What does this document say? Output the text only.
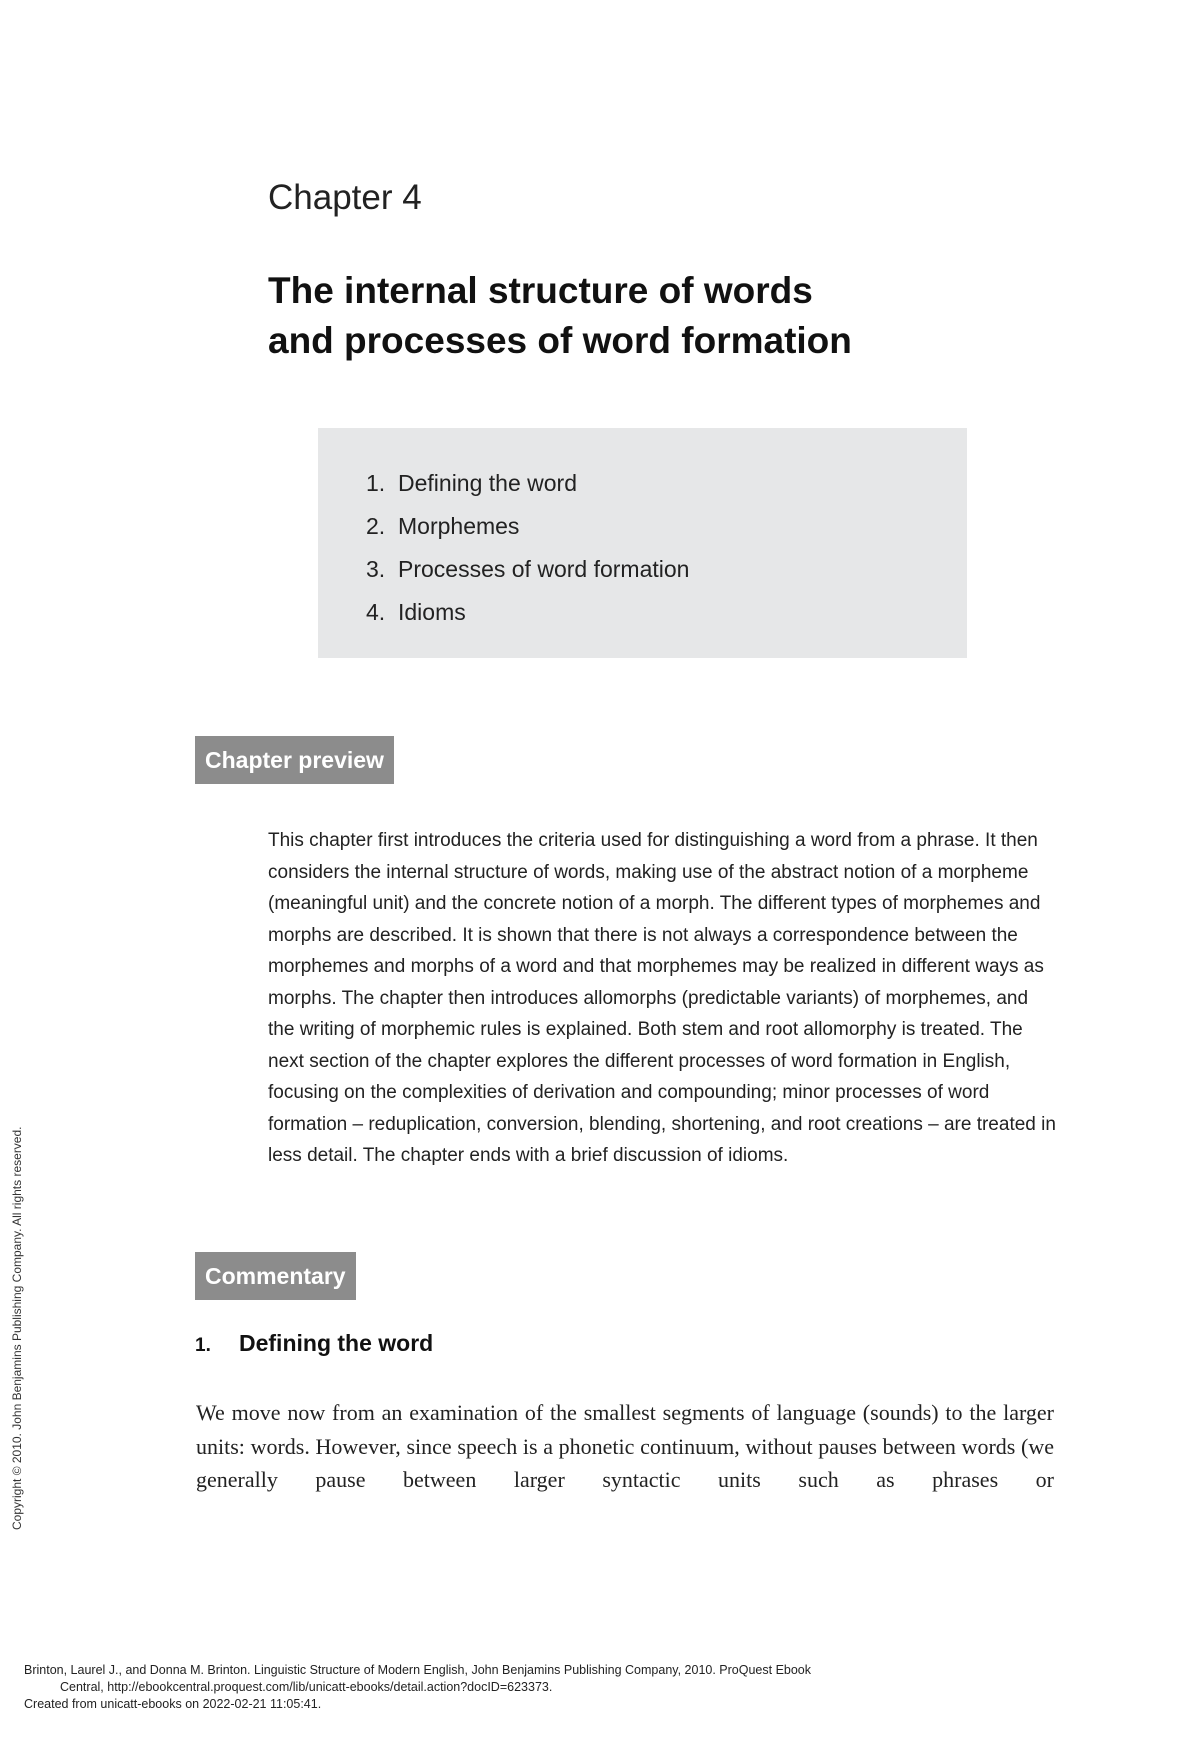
Chapter 4
The internal structure of words
and processes of word formation
1. Defining the word
2. Morphemes
3. Processes of word formation
4. Idioms
Chapter preview

This chapter first introduces the criteria used for distinguishing a word from a phrase. It then considers the internal structure of words, making use of the abstract notion of a morpheme (meaningful unit) and the concrete notion of a morph. The different types of morphemes and morphs are described. It is shown that there is not always a correspondence between the morphemes and morphs of a word and that morphemes may be realized in different ways as morphs. The chapter then introduces allomorphs (predictable variants) of morphemes, and the writing of morphemic rules is explained. Both stem and root allomorphy is treated. The next section of the chapter explores the different processes of word formation in English, focusing on the complexities of derivation and compounding; minor processes of word formation – reduplication, conversion, blending, shortening, and root creations – are treated in less detail. The chapter ends with a brief discussion of idioms.

Commentary
1. Defining the word

We move now from an examination of the smallest segments of language (sounds) to the larger units: words. However, since speech is a phonetic continuum, without pauses between words (we generally pause between larger syntactic units such as phrases or

Copyright © 2010. John Benjamins Publishing Company. All rights reserved.
Brinton, Laurel J., and Donna M. Brinton. Linguistic Structure of Modern English, John Benjamins Publishing Company, 2010. ProQuest Ebook
Central, http://ebookcentral.proquest.com/lib/unicatt-ebooks/detail.action?docID=623373.
Created from unicatt-ebooks on 2022-02-21 11:05:41.
